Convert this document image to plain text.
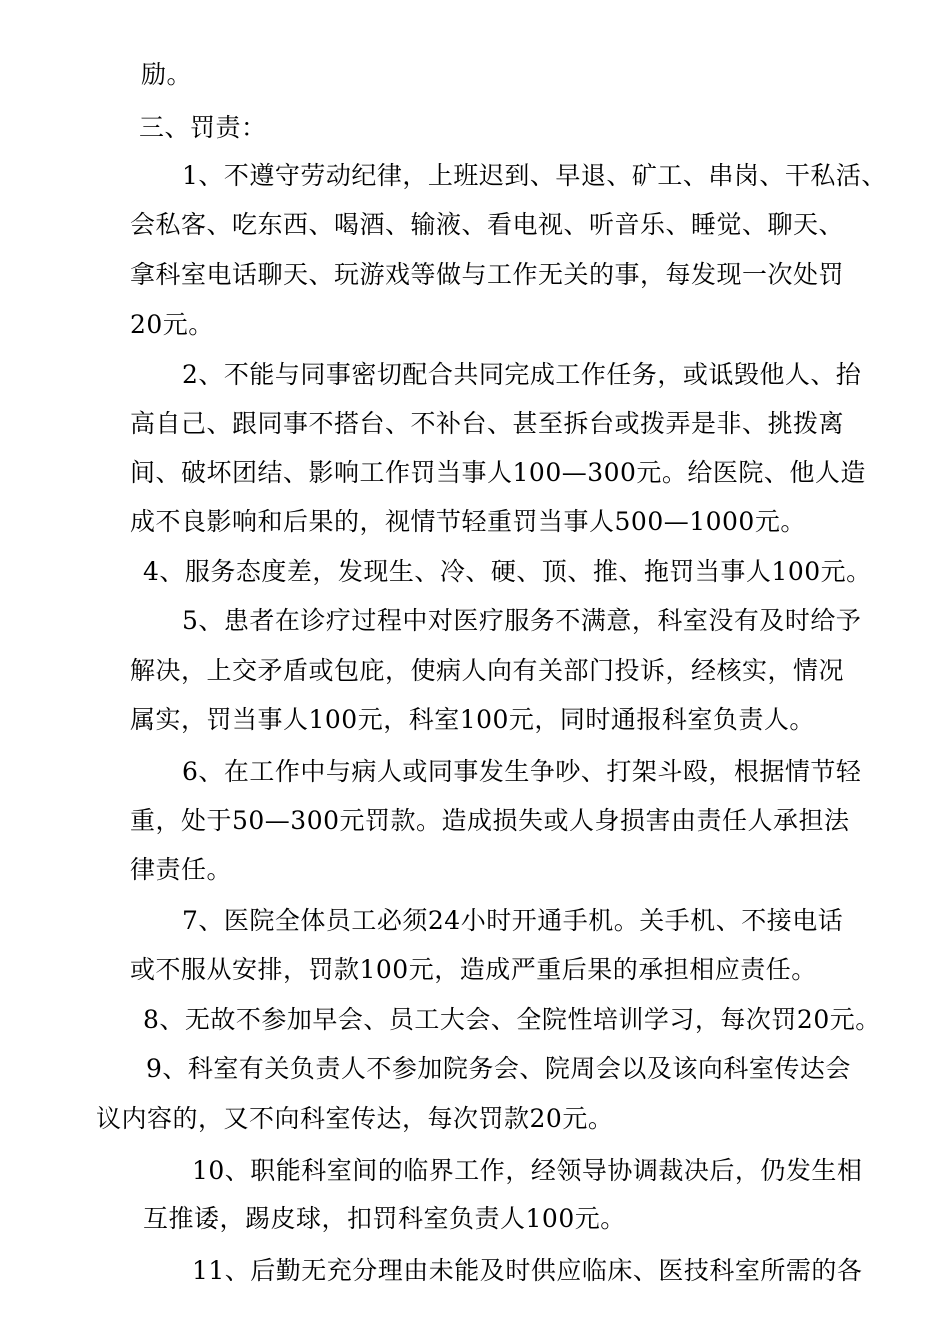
励。
三、罚责：
1、不遵守劳动纪律，上班迟到、早退、矿工、串岗、干私活、
会私客、吃东西、喝酒、输液、看电视、听音乐、睡觉、聊天、
拿科室电话聊天、玩游戏等做与工作无关的事，每发现一次处罚
20元。
2、不能与同事密切配合共同完成工作任务，或诋毁他人、抬
高自己、跟同事不搭台、不补台、甚至拆台或拨弄是非、挑拨离
间、破坏团结、影响工作罚当事人100—300元。给医院、他人造
成不良影响和后果的，视情节轻重罚当事人500—1000元。
4、服务态度差，发现生、冷、硬、顶、推、拖罚当事人100元。
5、患者在诊疗过程中对医疗服务不满意，科室没有及时给予
解决，上交矛盾或包庇，使病人向有关部门投诉，经核实，情况
属实，罚当事人100元，科室100元，同时通报科室负责人。
6、在工作中与病人或同事发生争吵、打架斗殴，根据情节轻
重，处于50—300元罚款。造成损失或人身损害由责任人承担法
律责任。
7、医院全体员工必须24小时开通手机。关手机、不接电话
或不服从安排，罚款100元，造成严重后果的承担相应责任。
8、无故不参加早会、员工大会、全院性培训学习，每次罚20元。
9、科室有关负责人不参加院务会、院周会以及该向科室传达会
议内容的，又不向科室传达，每次罚款20元。
10、职能科室间的临界工作，经领导协调裁决后，仍发生相
互推诿，踢皮球，扣罚科室负责人100元。
11、后勤无充分理由未能及时供应临床、医技科室所需的各
